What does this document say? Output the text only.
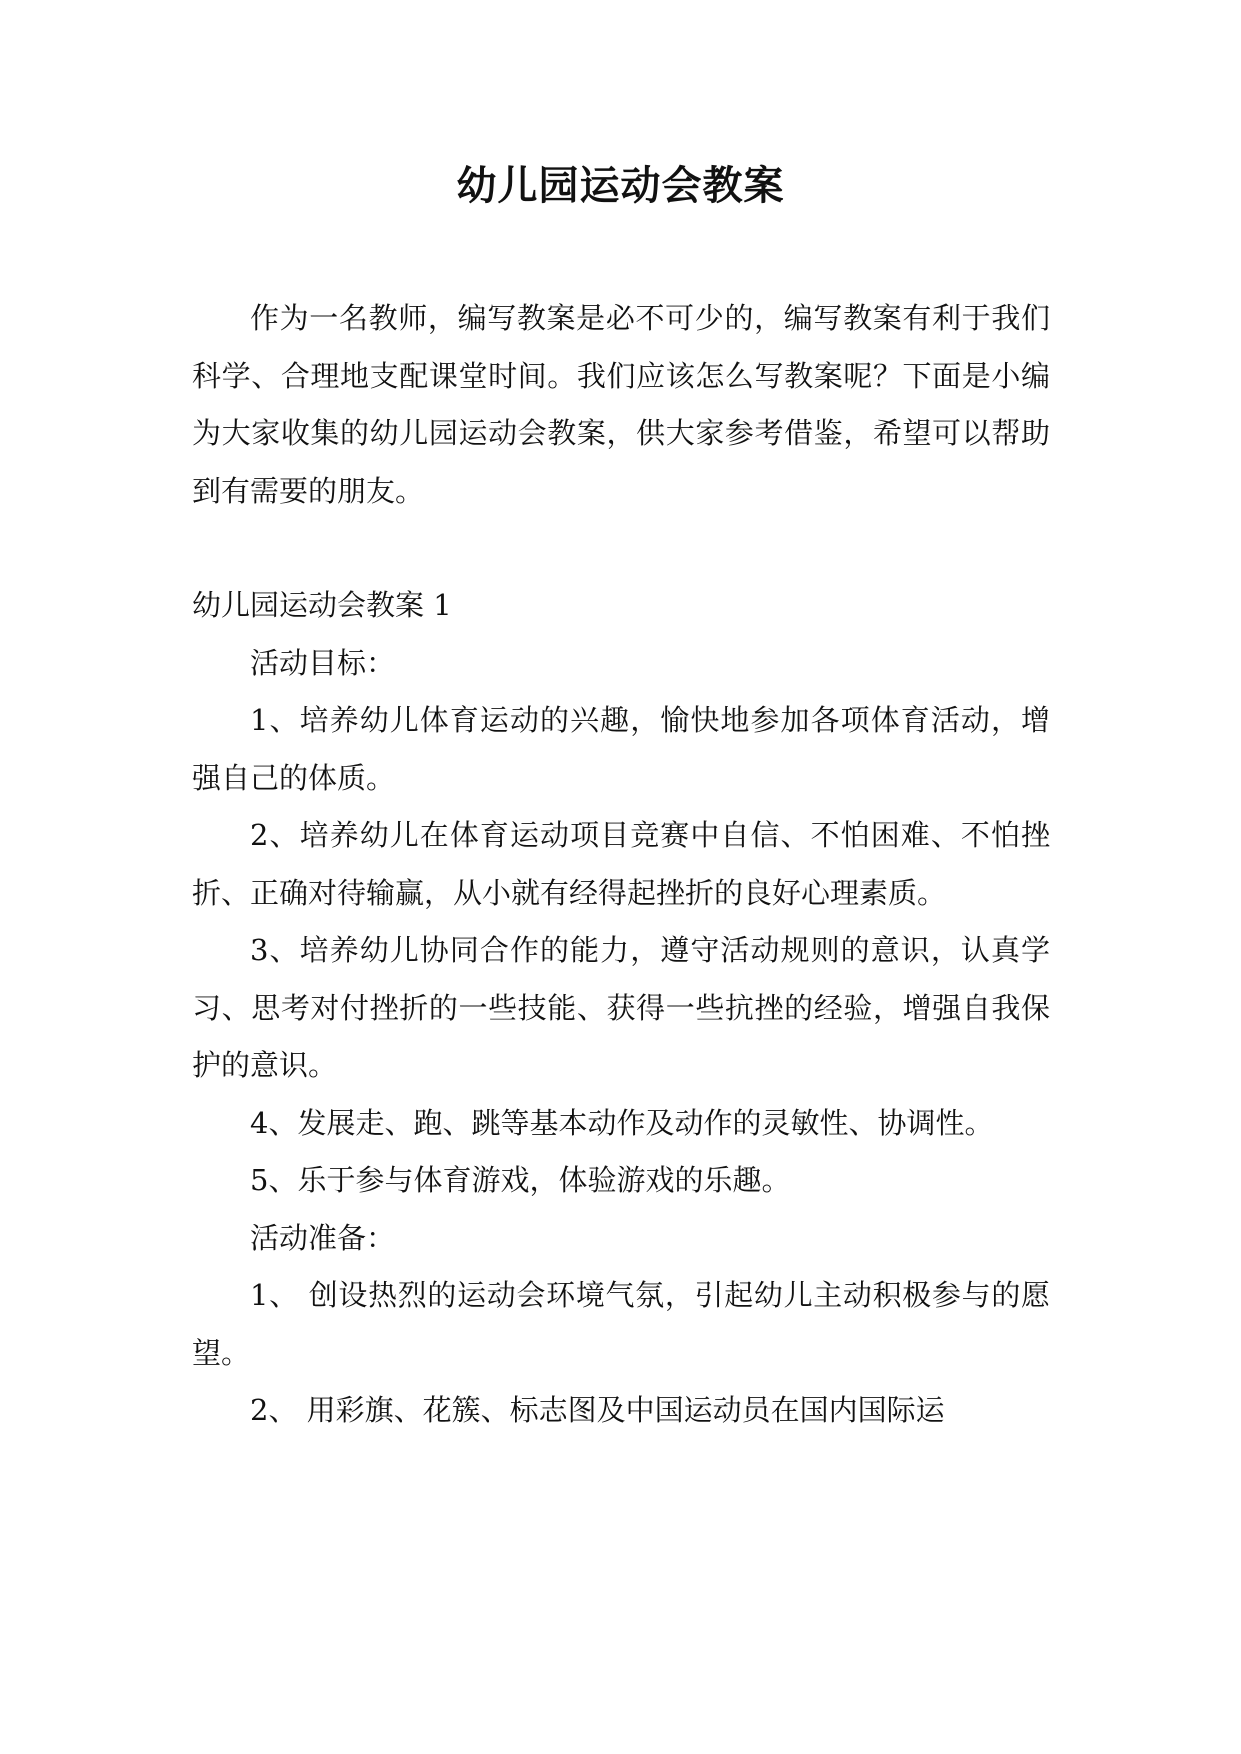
幼儿园运动会教案

作为一名教师，编写教案是必不可少的，编写教案有利于我们科学、合理地支配课堂时间。我们应该怎么写教案呢？下面是小编为大家收集的幼儿园运动会教案，供大家参考借鉴，希望可以帮助到有需要的朋友。

幼儿园运动会教案 1

活动目标：

1、培养幼儿体育运动的兴趣，愉快地参加各项体育活动，增强自己的体质。

2、培养幼儿在体育运动项目竞赛中自信、不怕困难、不怕挫折、正确对待输赢，从小就有经得起挫折的良好心理素质。

3、培养幼儿协同合作的能力，遵守活动规则的意识，认真学习、思考对付挫折的一些技能、获得一些抗挫的经验，增强自我保护的意识。

4、发展走、跑、跳等基本动作及动作的灵敏性、协调性。

5、乐于参与体育游戏，体验游戏的乐趣。

活动准备：

1、 创设热烈的运动会环境气氛，引起幼儿主动积极参与的愿望。

2、 用彩旗、花簇、标志图及中国运动员在国内国际运
